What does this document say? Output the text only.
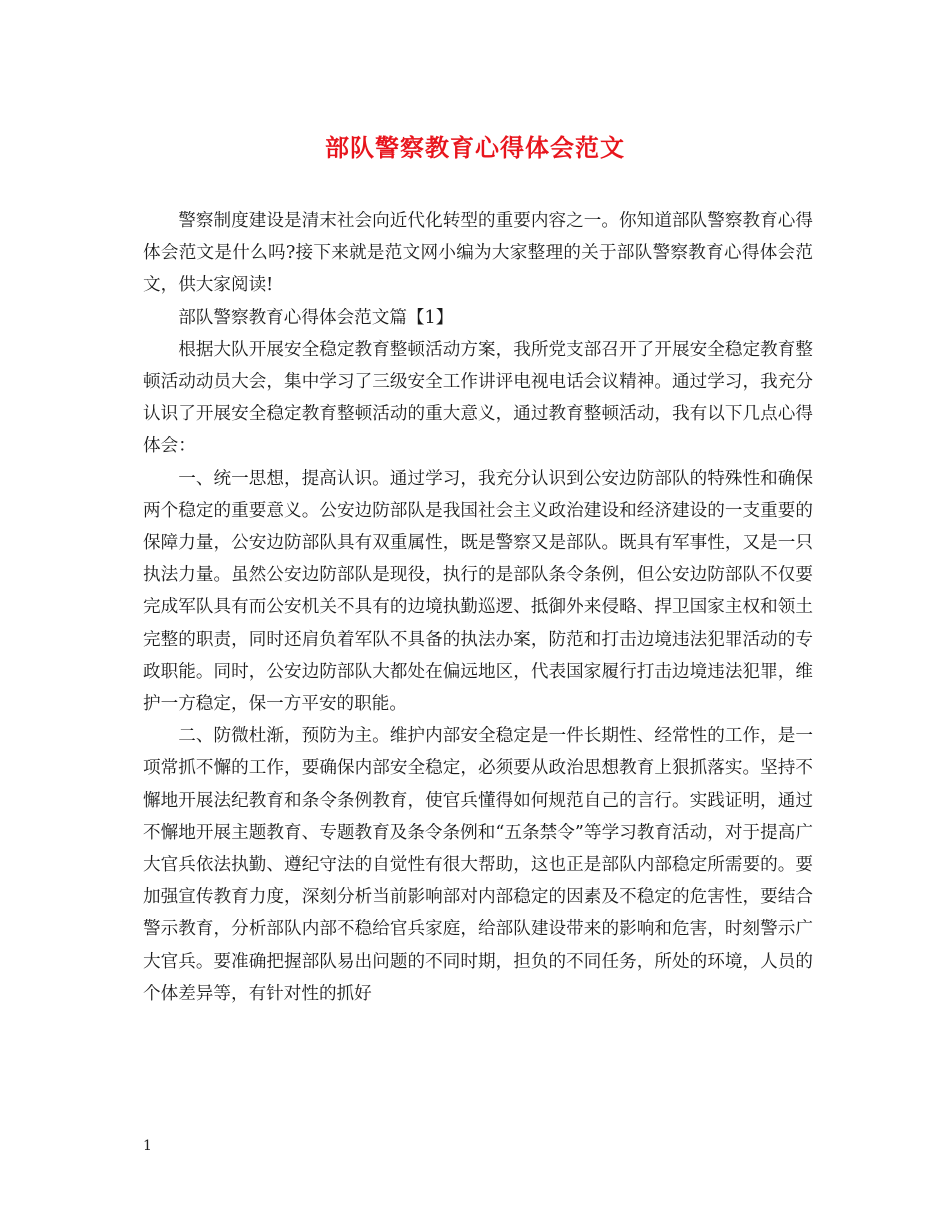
部队警察教育心得体会范文

警察制度建设是清末社会向近代化转型的重要内容之一。你知道部队警察教育心得体会范文是什么吗?接下来就是范文网小编为大家整理的关于部队警察教育心得体会范文，供大家阅读!

部队警察教育心得体会范文篇【1】

根据大队开展安全稳定教育整顿活动方案，我所党支部召开了开展安全稳定教育整顿活动动员大会，集中学习了三级安全工作讲评电视电话会议精神。通过学习，我充分认识了开展安全稳定教育整顿活动的重大意义，通过教育整顿活动，我有以下几点心得体会：

一、统一思想，提高认识。通过学习，我充分认识到公安边防部队的特殊性和确保两个稳定的重要意义。公安边防部队是我国社会主义政治建设和经济建设的一支重要的保障力量，公安边防部队具有双重属性，既是警察又是部队。既具有军事性，又是一只执法力量。虽然公安边防部队是现役，执行的是部队条令条例，但公安边防部队不仅要完成军队具有而公安机关不具有的边境执勤巡逻、抵御外来侵略、捍卫国家主权和领土完整的职责，同时还肩负着军队不具备的执法办案，防范和打击边境违法犯罪活动的专政职能。同时，公安边防部队大都处在偏远地区，代表国家履行打击边境违法犯罪，维护一方稳定，保一方平安的职能。

二、防微杜渐，预防为主。维护内部安全稳定是一件长期性、经常性的工作，是一项常抓不懈的工作，要确保内部安全稳定，必须要从政治思想教育上狠抓落实。坚持不懈地开展法纪教育和条令条例教育，使官兵懂得如何规范自己的言行。实践证明，通过不懈地开展主题教育、专题教育及条令条例和“五条禁令”等学习教育活动，对于提高广大官兵依法执勤、遵纪守法的自觉性有很大帮助，这也正是部队内部稳定所需要的。要加强宣传教育力度，深刻分析当前影响部对内部稳定的因素及不稳定的危害性，要结合警示教育，分析部队内部不稳给官兵家庭，给部队建设带来的影响和危害，时刻警示广大官兵。要准确把握部队易出问题的不同时期，担负的不同任务，所处的环境，人员的个体差异等，有针对性的抓好

1
